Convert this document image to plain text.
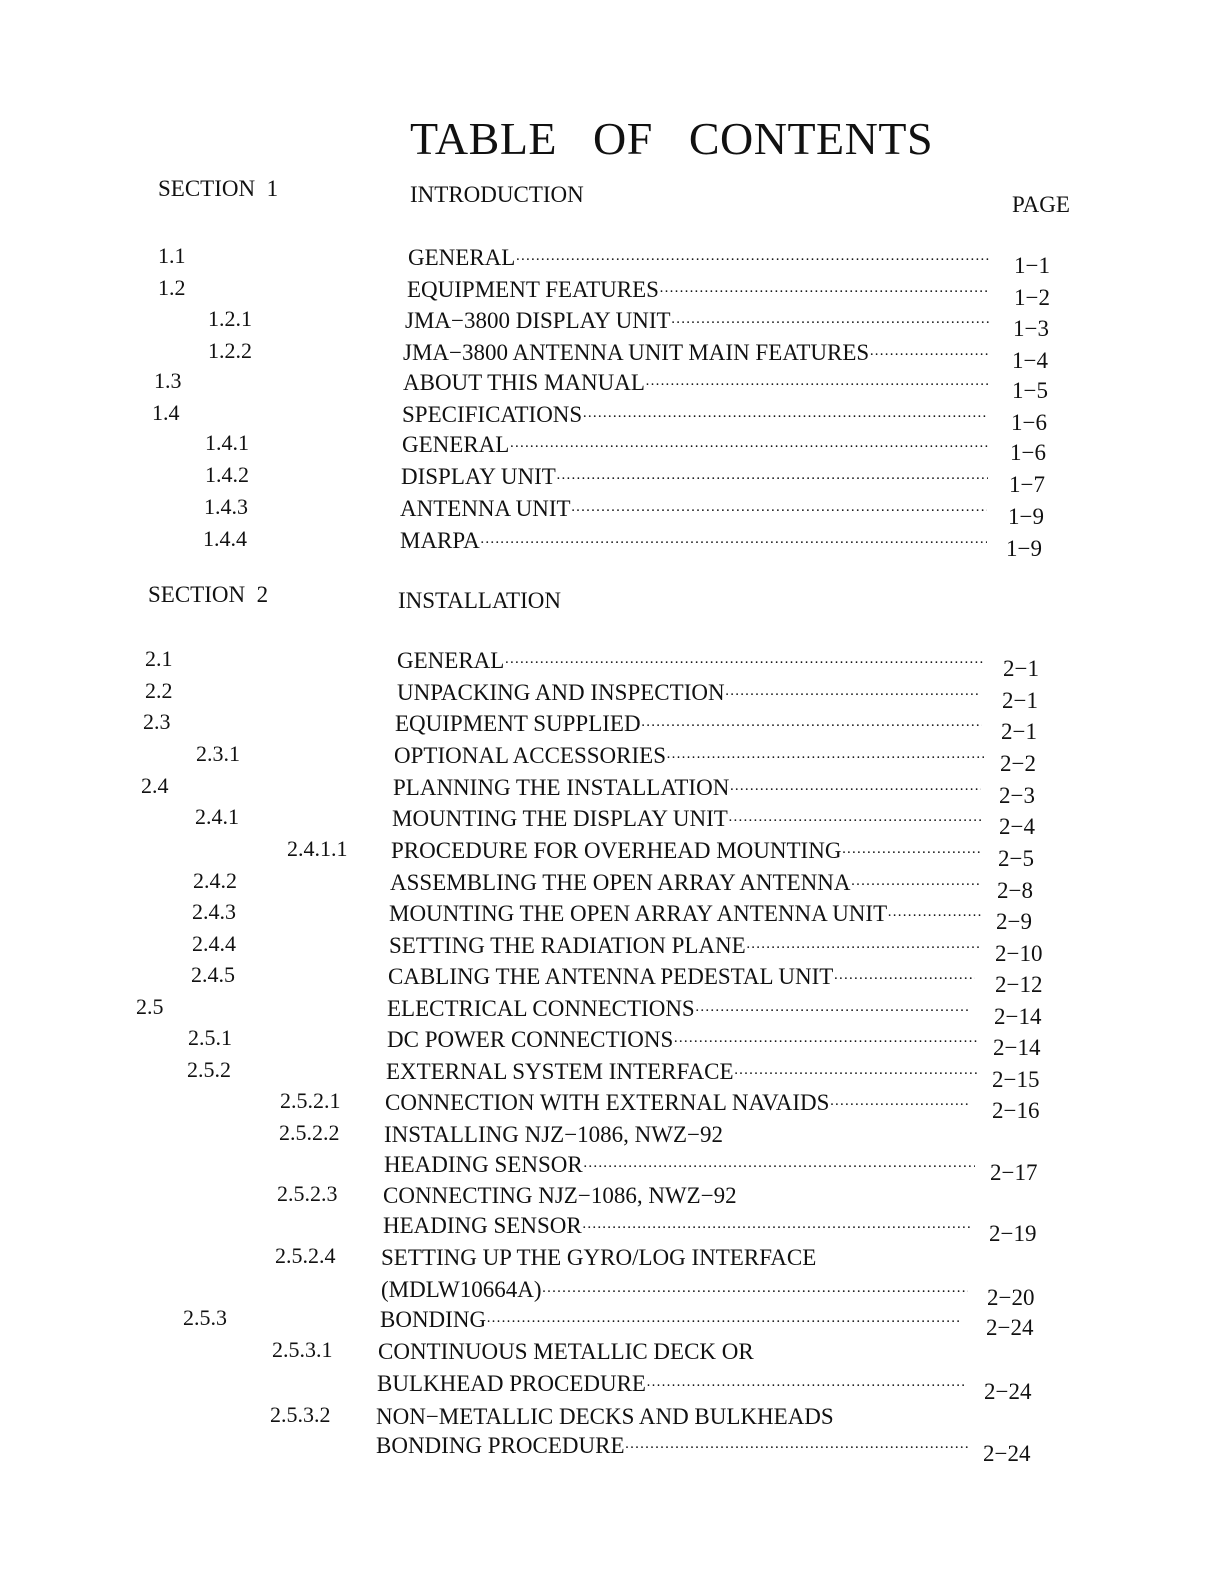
TABLE   OF   CONTENTS
SECTION  1	INTRODUCTION	PAGE
SECTION  2	INSTALLATION
1.1	GENERAL ·····	1−1
1.2	EQUIPMENT FEATURES ·····	1−2
1.2.1	JMA−3800 DISPLAY UNIT ·····	1−3
1.2.2	JMA−3800 ANTENNA UNIT MAIN FEATURES ·····	1−4
1.3	ABOUT THIS MANUAL ·····	1−5
1.4	SPECIFICATIONS ·····	1−6
1.4.1	GENERAL ·····	1−6
1.4.2	DISPLAY UNIT ·····	1−7
1.4.3	ANTENNA UNIT ·····	1−9
1.4.4	MARPA ·····	1−9
2.1	GENERAL ·····	2−1
2.2	UNPACKING AND INSPECTION ·····	2−1
2.3	EQUIPMENT SUPPLIED ·····	2−1
2.3.1	OPTIONAL ACCESSORIES ·····	2−2
2.4	PLANNING THE INSTALLATION ·····	2−3
2.4.1	MOUNTING THE DISPLAY UNIT ·····	2−4
2.4.1.1 PROCEDURE FOR OVERHEAD MOUNTING ·····	2−5
2.4.2	ASSEMBLING THE OPEN ARRAY ANTENNA ·····	2−8
2.4.3	MOUNTING THE OPEN ARRAY ANTENNA UNIT ·····	2−9
2.4.4	SETTING THE RADIATION PLANE ·····	2−10
2.4.5	CABLING THE ANTENNA PEDESTAL UNIT ·····	2−12
2.5	ELECTRICAL CONNECTIONS ·····	2−14
2.5.1	DC POWER CONNECTIONS ·····	2−14
2.5.2	EXTERNAL SYSTEM INTERFACE ·····	2−15
2.5.2.1 CONNECTION WITH EXTERNAL NAVAIDS ·····	2−16
2.5.2.2 INSTALLING NJZ−1086, NWZ−92
HEADING SENSOR ·····	2−17
2.5.2.3 CONNECTING NJZ−1086, NWZ−92
HEADING SENSOR ·····	2−19
2.5.2.4 SETTING UP THE GYRO/LOG INTERFACE
(MDLW10664A) ·····	2−20
2.5.3	BONDING ·····	2−24
2.5.3.1 CONTINUOUS METALLIC DECK OR
BULKHEAD PROCEDURE ·····	2−24
2.5.3.2 NON−METALLIC DECKS AND BULKHEADS
BONDING PROCEDURE ·····	2−24
